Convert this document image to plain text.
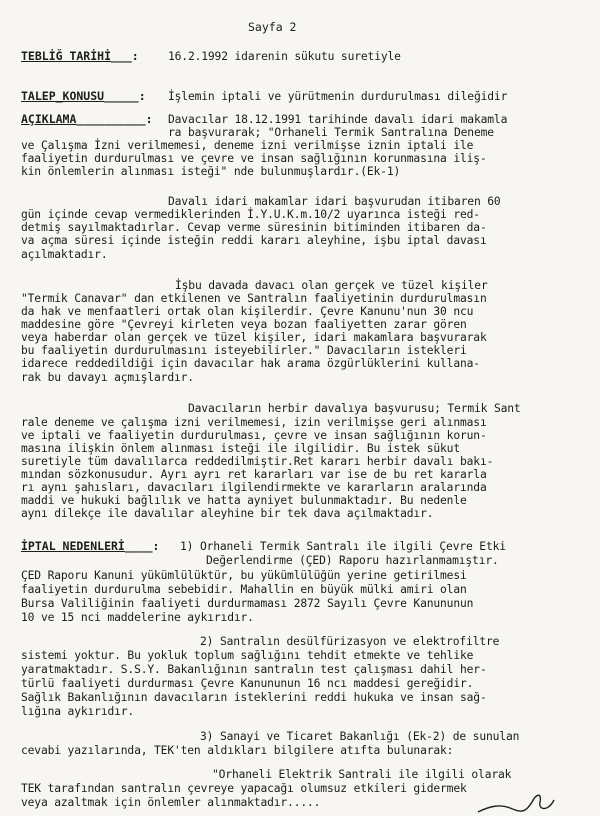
Sayfa 2
TEBLİĞ TARİHİ___:	16.2.1992 idarenin sükutu suretiyle
TALEP_KONUSU_____: İşlemin iptali ve yürütmenin durdurulması dileğidir
AÇIKLAMA__________: Davacılar 18.12.1991 tarihinde davalı idari makamla
ra başvurarak; "Orhaneli Termik Santralına Deneme
ve Çalışma İzni verilmemesi, deneme izni verilmişse iznin iptali ile
faaliyetin durdurulması ve çevre ve insan sağlığının korunmasına iliş-
kin önlemlerin alınması isteği" nde bulunmuşlardır.(Ek-1)
Davalı idari makamlar idari başvurudan itibaren 60
gün içinde cevap vermediklerinden İ.Y.U.K.m.10/2 uyarınca isteği red-
detmiş sayılmaktadırlar. Cevap verme süresinin bitiminden itibaren da-
va açma süresi içinde isteğin reddi kararı aleyhine, işbu iptal davası
açılmaktadır.
İşbu davada davacı olan gerçek ve tüzel kişiler
"Termik Canavar" dan etkilenen ve Santralın faaliyetinin durdurulmasın
da hak ve menfaatleri ortak olan kişilerdir. Çevre Kanunu'nun 30 ncu
maddesine göre "Çevreyi kirleten veya bozan faaliyetten zarar gören
veya haberdar olan gerçek ve tüzel kişiler, idari makamlara başvurarak
bu faaliyetin durdurulmasını isteyebilirler." Davacıların istekleri
idarece reddedildiği için davacılar hak arama özgürlüklerini kullana-
rak bu davayı açmışlardır.
Davacıların herbir davalıya başvurusu; Termik Sant
rale deneme ve çalışma izni verilmemesi, izin verilmişse geri alınması
ve iptali ve faaliyetin durdurulması, çevre ve insan sağlığının korun-
masına ilişkin önlem alınması isteği ile ilgilidir. Bu istek sükut
suretiyle tüm davalılarca reddedilmiştir.Ret kararı herbir davalı bakı-
mından sözkonusudur. Ayrı ayrı ret kararları var ise de bu ret kararla
rı aynı şahısları, davacıları ilgilendirmekte ve kararların aralarında
maddi ve hukuki bağlılık ve hatta ayniyet bulunmaktadır. Bu nedenle
aynı dilekçe ile davalılar aleyhine bir tek dava açılmaktadır.
İPTAL NEDENLERİ____: 1) Orhaneli Termik Santralı ile ilgili Çevre Etki
Değerlendirme (ÇED) Raporu hazırlanmamıştır.
ÇED Raporu Kanuni yükümlülüktür, bu yükümlülüğün yerine getirilmesi
faaliyetin durdurulma sebebidir. Mahallin en büyük mülki amiri olan
Bursa Valiliğinin faaliyeti durdurmaması 2872 Sayılı Çevre Kanununun
10 ve 15 nci maddelerine aykırıdır.
2) Santralın desülfürizasyon ve elektrofiltre
sistemi yoktur. Bu yokluk toplum sağlığını tehdit etmekte ve tehlike
yaratmaktadır. S.S.Y. Bakanlığının santralın test çalışması dahil her-
türlü faaliyeti durdurması Çevre Kanununun 16 ncı maddesi gereğidir.
Sağlık Bakanlığının davacıların isteklerini reddi hukuka ve insan sağ-
lığına aykırıdır.
3) Sanayi ve Ticaret Bakanlığı (Ek-2) de sunulan
cevabi yazılarında, TEK'ten aldıkları bilgilere atıfta bulunarak:
"Orhaneli Elektrik Santrali ile ilgili olarak
TEK tarafından santralın çevreye yapacağı olumsuz etkileri gidermek
veya azaltmak için önlemler alınmaktadır.....
